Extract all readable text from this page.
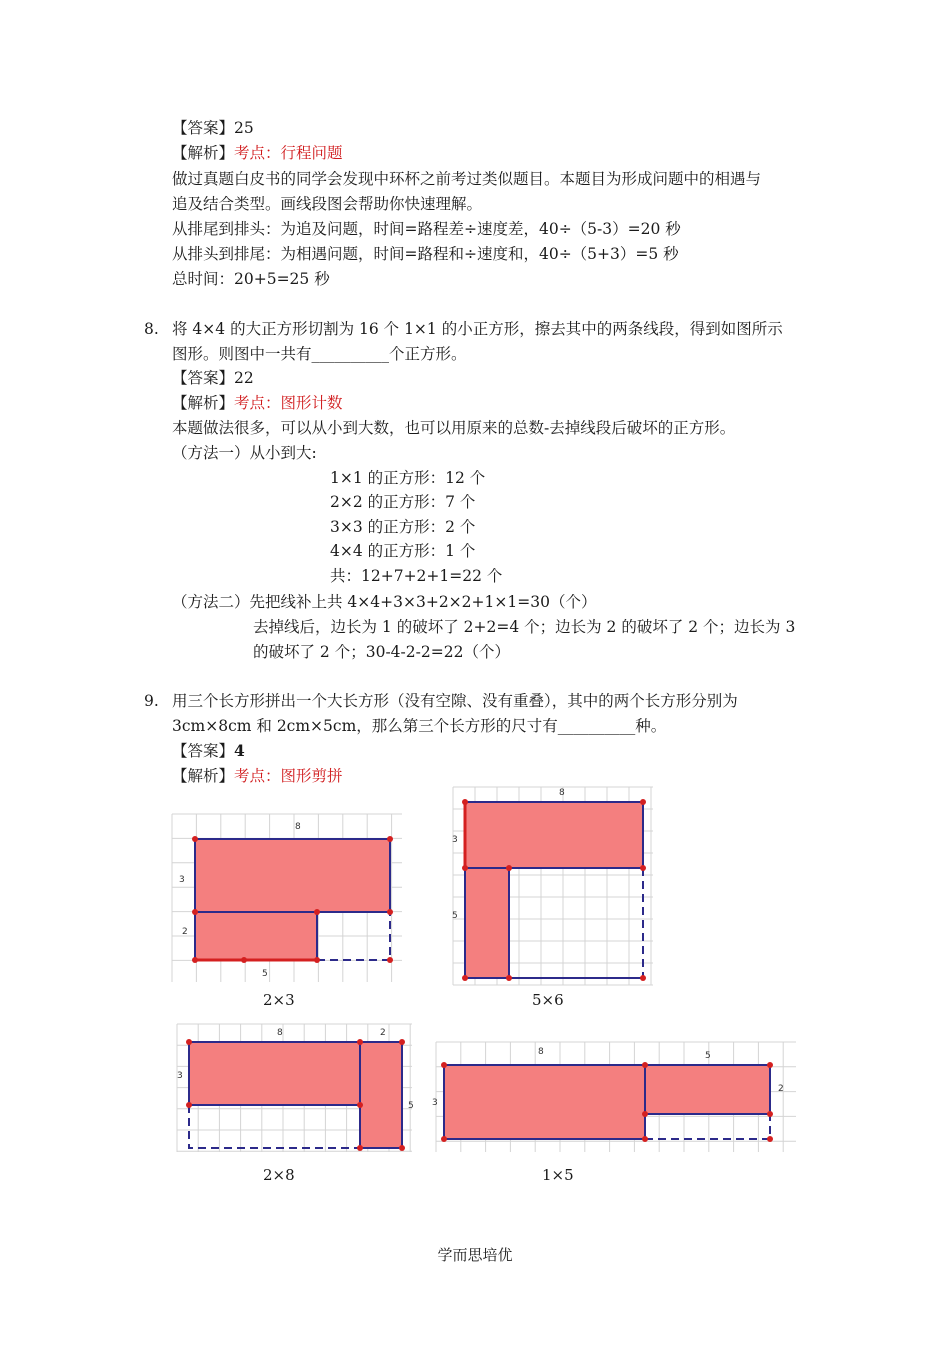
【答案】25
【解析】考点：行程问题
做过真题白皮书的同学会发现中环杯之前考过类似题目。本题目为形成问题中的相遇与
追及结合类型。画线段图会帮助你快速理解。
从排尾到排头：为追及问题，时间=路程差÷速度差，40÷（5-3）=20 秒
从排头到排尾：为相遇问题，时间=路程和÷速度和，40÷（5+3）=5 秒
总时间：20+5=25 秒
8. 将 4×4 的大正方形切割为 16 个 1×1 的小正方形，擦去其中的两条线段，得到如图所示
图形。则图中一共有__________个正方形。
【答案】22
【解析】考点：图形计数
本题做法很多，可以从小到大数，也可以用原来的总数-去掉线段后破坏的正方形。
（方法一）从小到大:
1×1 的正方形：12 个
2×2 的正方形：7 个
3×3 的正方形：2 个
4×4 的正方形：1 个
共：12+7+2+1=22 个
（方法二）先把线补上共 4×4+3×3+2×2+1×1=30（个）
去掉线后，边长为 1 的破坏了 2+2=4 个；边长为 2 的破坏了 2 个；边长为 3
的破坏了 2 个；30-4-2-2=22（个）
9. 用三个长方形拼出一个大长方形（没有空隙、没有重叠），其中的两个长方形分别为
3cm×8cm 和 2cm×5cm，那么第三个长方形的尺寸有__________种。
【答案】4
【解析】考点：图形剪拼
8
3
2
5
2×3
8
3
5
5×6
8	2
3
5
2×8
8	5
3
2
1×5
学而思培优
